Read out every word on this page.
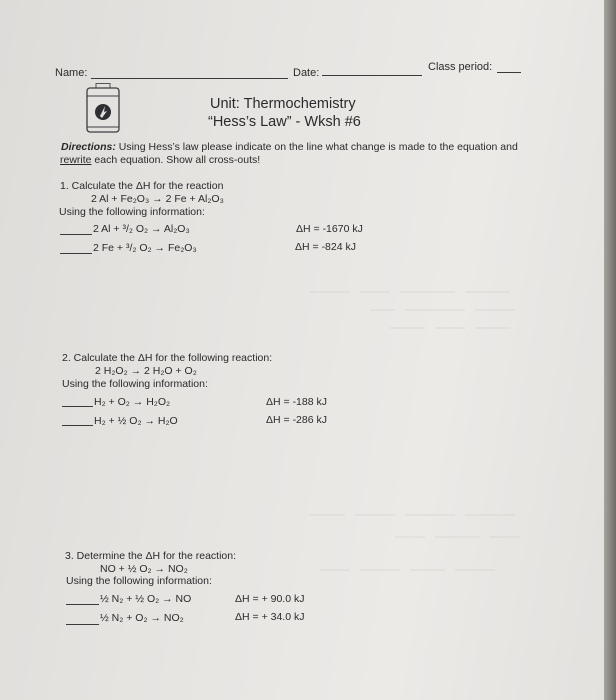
Name:	Date:	Class period:
Unit: Thermochemistry
“Hess’s Law” - Wksh #6
Directions: Using Hess’s law please indicate on the line what change is made to the equation and
rewrite each equation. Show all cross-outs!
1. Calculate the ΔH for the reaction
2 Al + Fe₂O₃ → 2 Fe + Al₂O₃
Using the following information:
2 Al + ³/₂ O₂ → Al₂O₃	ΔH = -1670 kJ
2 Fe + ³/₂ O₂ → Fe₂O₃	ΔH = -824 kJ
2. Calculate the ΔH for the following reaction:
2 H₂O₂ → 2 H₂O + O₂
Using the following information:
H₂ + O₂ → H₂O₂	ΔH = -188 kJ
H₂ + ½ O₂ → H₂O	ΔH = -286 kJ
3. Determine the ΔH for the reaction:
NO + ½ O₂ → NO₂
Using the following information:
½ N₂ + ½ O₂ → NO	ΔH = + 90.0 kJ
½ N₂ + O₂ → NO₂	ΔH = + 34.0 kJ
